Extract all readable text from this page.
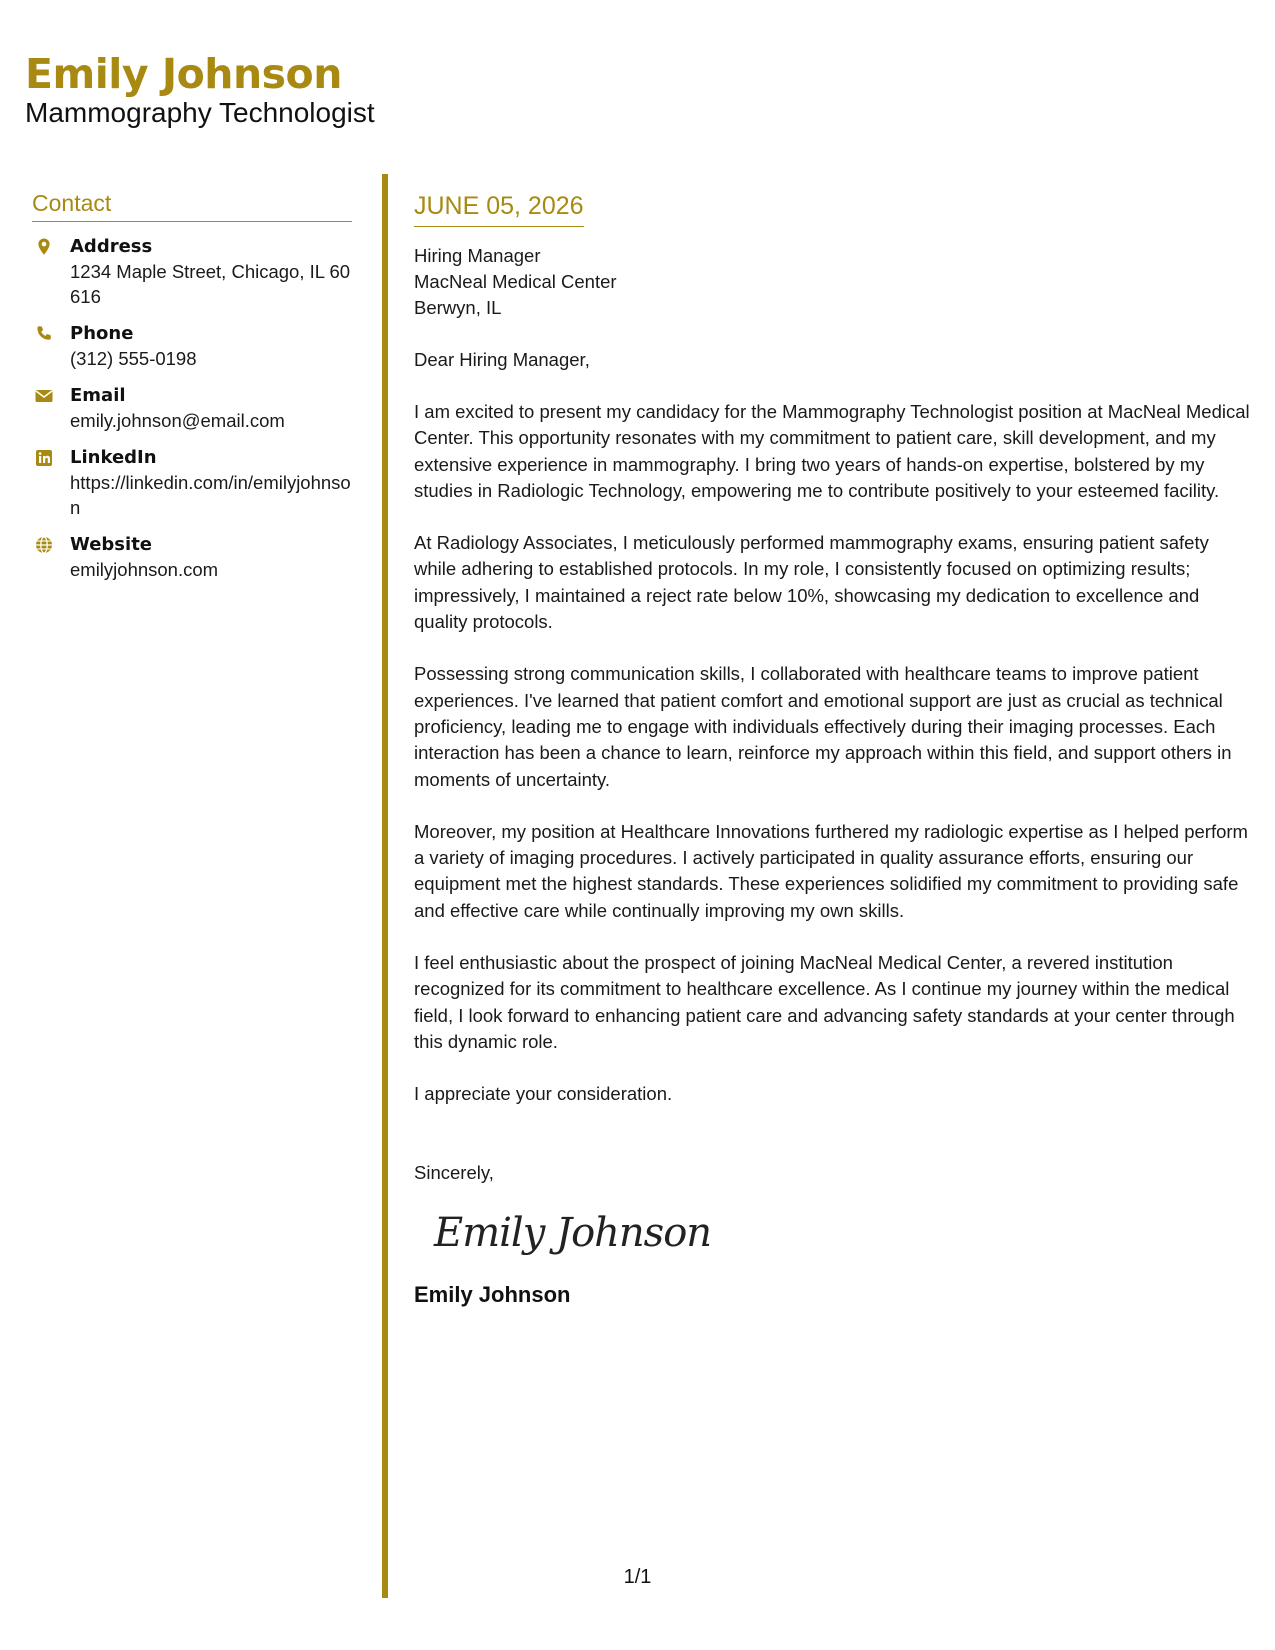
Emily Johnson
Mammography Technologist
Contact
Address
1234 Maple Street, Chicago, IL 60616
Phone
(312) 555-0198
Email
emily.johnson@email.com
LinkedIn
https://linkedin.com/in/emilyjohnson
Website
emilyjohnson.com
JUNE 05, 2026
Hiring Manager
MacNeal Medical Center
Berwyn, IL

Dear Hiring Manager,

I am excited to present my candidacy for the Mammography Technologist position at MacNeal Medical Center. This opportunity resonates with my commitment to patient care, skill development, and my extensive experience in mammography. I bring two years of hands-on expertise, bolstered by my studies in Radiologic Technology, empowering me to contribute positively to your esteemed facility.

At Radiology Associates, I meticulously performed mammography exams, ensuring patient safety while adhering to established protocols. In my role, I consistently focused on optimizing results; impressively, I maintained a reject rate below 10%, showcasing my dedication to excellence and quality protocols.

Possessing strong communication skills, I collaborated with healthcare teams to improve patient experiences. I've learned that patient comfort and emotional support are just as crucial as technical proficiency, leading me to engage with individuals effectively during their imaging processes. Each interaction has been a chance to learn, reinforce my approach within this field, and support others in moments of uncertainty.

Moreover, my position at Healthcare Innovations furthered my radiologic expertise as I helped perform a variety of imaging procedures. I actively participated in quality assurance efforts, ensuring our equipment met the highest standards. These experiences solidified my commitment to providing safe and effective care while continually improving my own skills.

I feel enthusiastic about the prospect of joining MacNeal Medical Center, a revered institution recognized for its commitment to healthcare excellence. As I continue my journey within the medical field, I look forward to enhancing patient care and advancing safety standards at your center through this dynamic role.

I appreciate your consideration.

Sincerely,

Emily Johnson
Emily Johnson
1/1
